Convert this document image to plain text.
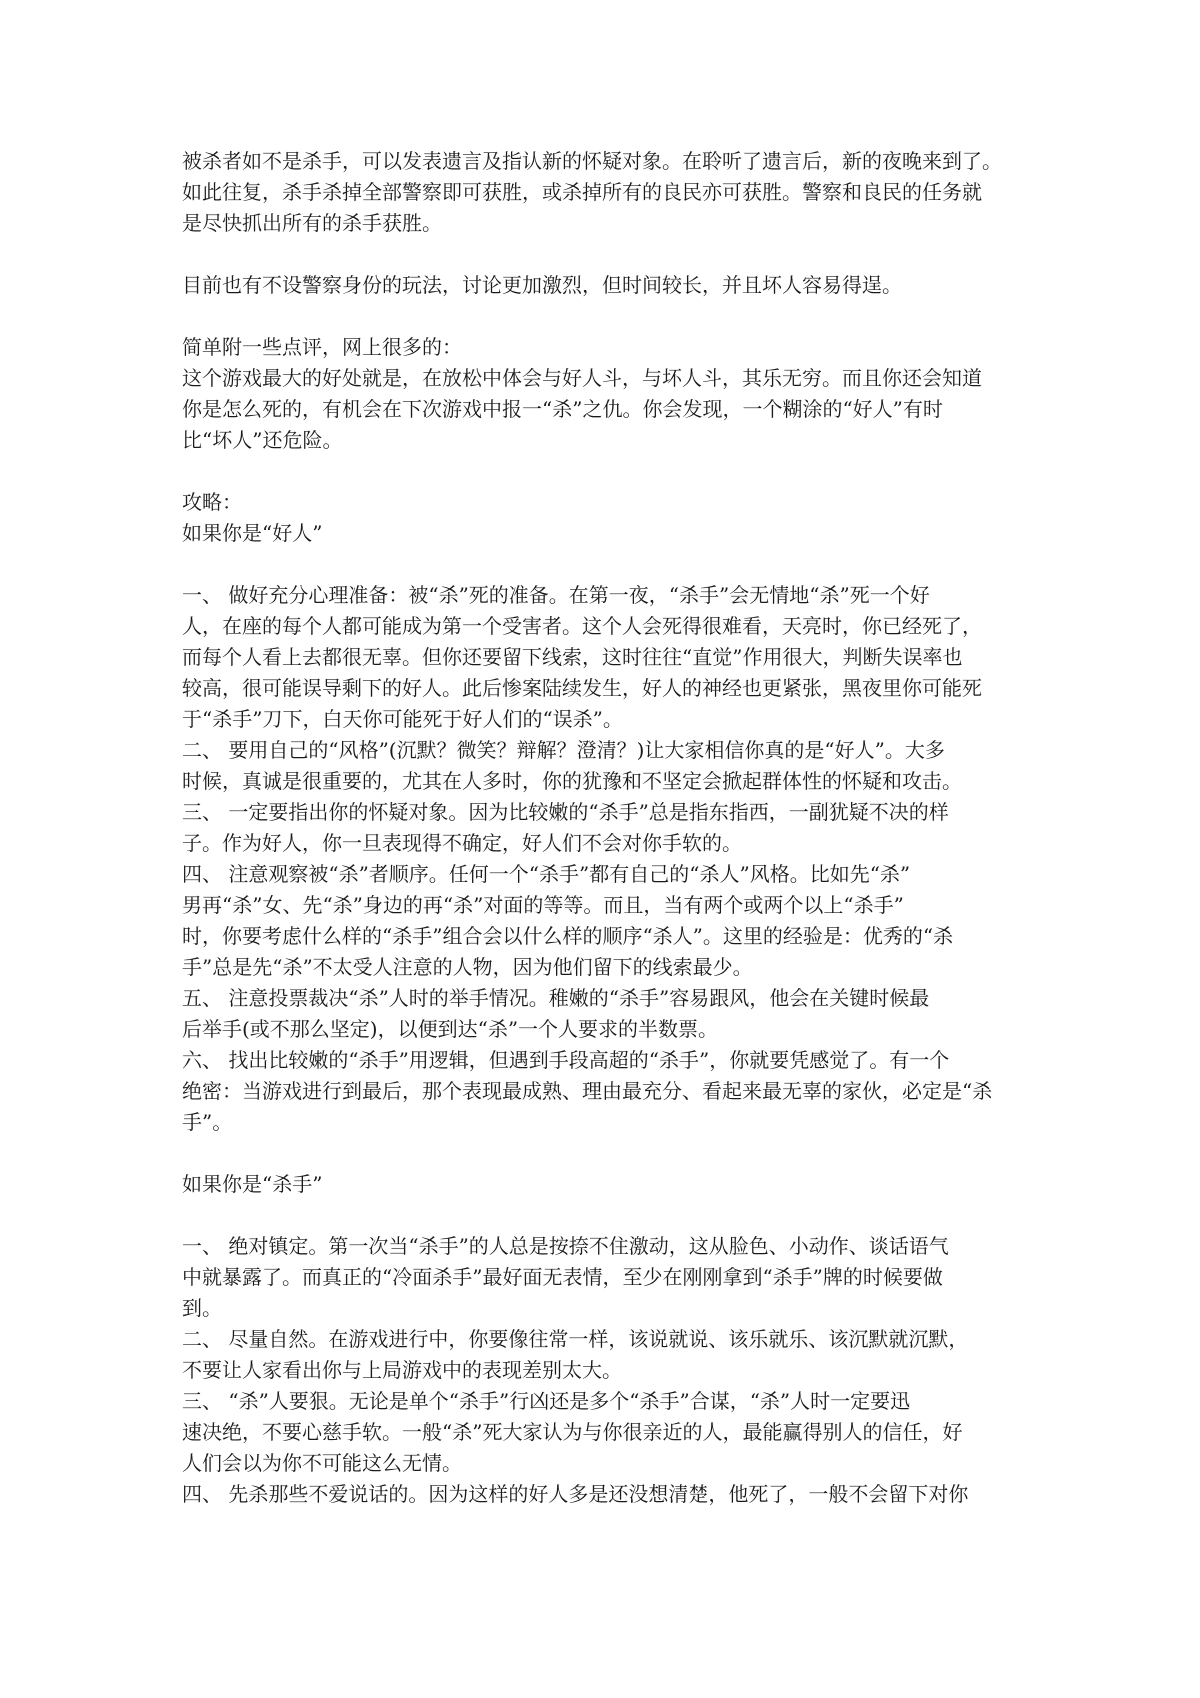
被杀者如不是杀手，可以发表遗言及指认新的怀疑对象。在聆听了遗言后，新的夜晚来到了。
如此往复，杀手杀掉全部警察即可获胜，或杀掉所有的良民亦可获胜。警察和良民的任务就
是尽快抓出所有的杀手获胜。
目前也有不设警察身份的玩法，讨论更加激烈，但时间较长，并且坏人容易得逞。
简单附一些点评，网上很多的：
这个游戏最大的好处就是，在放松中体会与好人斗，与坏人斗，其乐无穷。而且你还会知道
你是怎么死的，有机会在下次游戏中报一“杀”之仇。你会发现，一个糊涂的“好人”有时
比“坏人”还危险。
攻略：
如果你是“好人”
一、 做好充分心理准备：被“杀”死的准备。在第一夜，“杀手”会无情地“杀”死一个好
人，在座的每个人都可能成为第一个受害者。这个人会死得很难看，天亮时，你已经死了，
而每个人看上去都很无辜。但你还要留下线索，这时往往“直觉”作用很大，判断失误率也
较高，很可能误导剩下的好人。此后惨案陆续发生，好人的神经也更紧张，黑夜里你可能死
于“杀手”刀下，白天你可能死于好人们的“误杀”。
二、 要用自己的“风格”(沉默？微笑？辩解？澄清？)让大家相信你真的是“好人”。大多
时候，真诚是很重要的，尤其在人多时，你的犹豫和不坚定会掀起群体性的怀疑和攻击。
三、 一定要指出你的怀疑对象。因为比较嫩的“杀手”总是指东指西，一副犹疑不决的样
子。作为好人，你一旦表现得不确定，好人们不会对你手软的。
四、 注意观察被“杀”者顺序。任何一个“杀手”都有自己的“杀人”风格。比如先“杀”
男再“杀”女、先“杀”身边的再“杀”对面的等等。而且，当有两个或两个以上“杀手”
时，你要考虑什么样的“杀手”组合会以什么样的顺序“杀人”。这里的经验是：优秀的“杀
手”总是先“杀”不太受人注意的人物，因为他们留下的线索最少。
五、 注意投票裁决“杀”人时的举手情况。稚嫩的“杀手”容易跟风，他会在关键时候最
后举手(或不那么坚定)，以便到达“杀”一个人要求的半数票。
六、 找出比较嫩的“杀手”用逻辑，但遇到手段高超的“杀手”，你就要凭感觉了。有一个
绝密：当游戏进行到最后，那个表现最成熟、理由最充分、看起来最无辜的家伙，必定是“杀
手”。
如果你是“杀手”
一、 绝对镇定。第一次当“杀手”的人总是按捺不住激动，这从脸色、小动作、谈话语气
中就暴露了。而真正的“冷面杀手”最好面无表情，至少在刚刚拿到“杀手”牌的时候要做
到。
二、 尽量自然。在游戏进行中，你要像往常一样，该说就说、该乐就乐、该沉默就沉默，
不要让人家看出你与上局游戏中的表现差别太大。
三、 “杀”人要狠。无论是单个“杀手”行凶还是多个“杀手”合谋，“杀”人时一定要迅
速决绝，不要心慈手软。一般“杀”死大家认为与你很亲近的人，最能赢得别人的信任，好
人们会以为你不可能这么无情。
四、 先杀那些不爱说话的。因为这样的好人多是还没想清楚，他死了，一般不会留下对你
